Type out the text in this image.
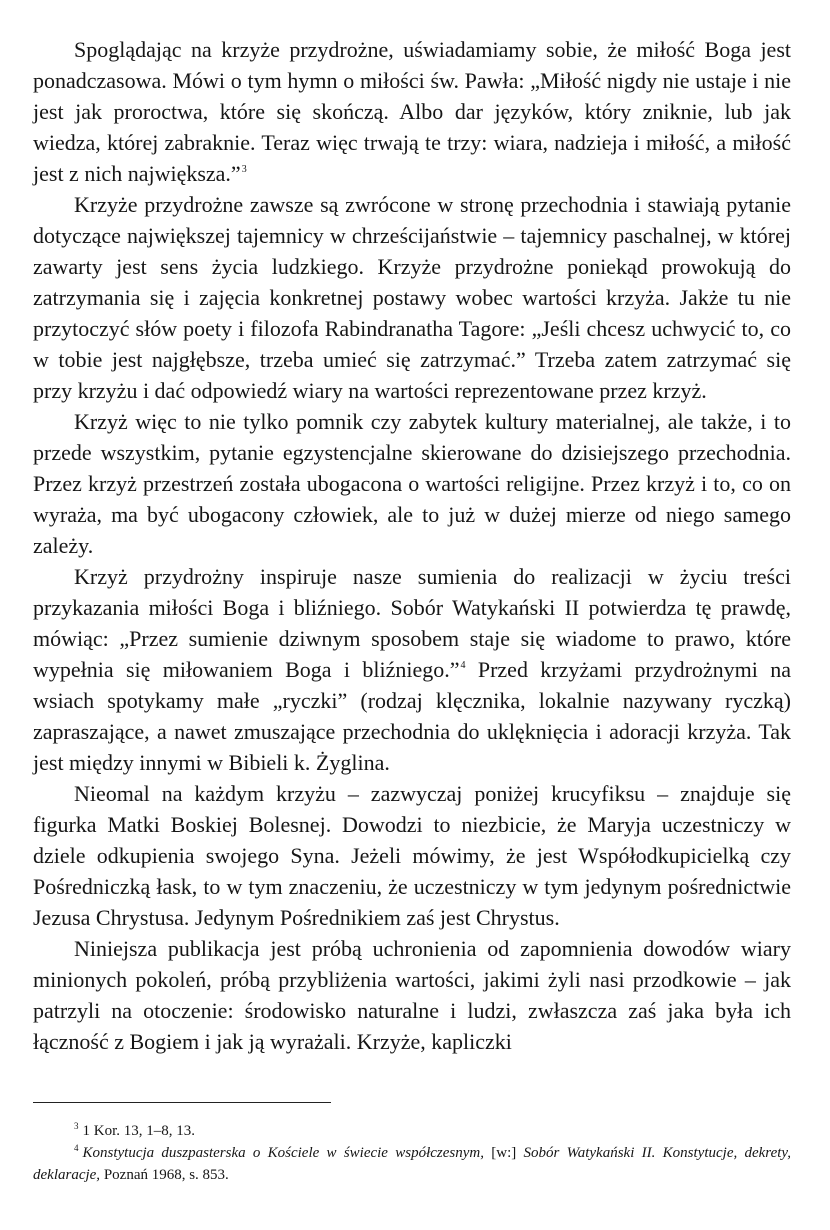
Spoglądając na krzyże przydrożne, uświadamiamy sobie, że miłość Boga jest ponadczasowa. Mówi o tym hymn o miłości św. Pawła: „Miłość nigdy nie ustaje i nie jest jak proroctwa, które się skończą. Albo dar języków, który zniknie, lub jak wiedza, której zabraknie. Teraz więc trwają te trzy: wiara, nadzieja i miłość, a miłość jest z nich największa.”$^3$

Krzyże przydrożne zawsze są zwrócone w stronę przechodnia i stawiają pytanie dotyczące największej tajemnicy w chrześcijaństwie – tajemnicy paschalnej, w której zawarty jest sens życia ludzkiego. Krzyże przydrożne poniekąd prowokują do zatrzymania się i zajęcia konkretnej postawy wobec wartości krzyża. Jakże tu nie przytoczyć słów poety i filozofa Rabindranatha Tagore: „Jeśli chcesz uchwycić to, co w tobie jest najgłębsze, trzeba umieć się zatrzymać.” Trzeba zatem zatrzymać się przy krzyżu i dać odpowiedź wiary na wartości reprezentowane przez krzyż.

Krzyż więc to nie tylko pomnik czy zabytek kultury materialnej, ale także, i to przede wszystkim, pytanie egzystencjalne skierowane do dzisiejszego przechodnia. Przez krzyż przestrzeń została ubogacona o wartości religijne. Przez krzyż i to, co on wyraża, ma być ubogacony człowiek, ale to już w dużej mierze od niego samego zależy.

Krzyż przydrożny inspiruje nasze sumienia do realizacji w życiu treści przykazania miłości Boga i bliźniego. Sobór Watykański II potwierdza tę prawdę, mówiąc: „Przez sumienie dziwnym sposobem staje się wiadome to prawo, które wypełnia się miłowaniem Boga i bliźniego.”$^4$ Przed krzyżami przydrożnymi na wsiach spotykamy małe „ryczki” (rodzaj klęcznika, lokalnie nazywany ryczką) zapraszające, a nawet zmuszające przechodnia do uklęknięcia i adoracji krzyża. Tak jest między innymi w Bibieli k. Żyglina.

Nieomal na każdym krzyżu – zazwyczaj poniżej krucyfiksu – znajduje się figurka Matki Boskiej Bolesnej. Dowodzi to niezbicie, że Maryja uczestniczy w dziele odkupienia swojego Syna. Jeżeli mówimy, że jest Współodkupicielką czy Pośredniczką łask, to w tym znaczeniu, że uczestniczy w tym jedynym pośrednictwie Jezusa Chrystusa. Jedynym Pośrednikiem zaś jest Chrystus.

Niniejsza publikacja jest próbą uchronienia od zapomnienia dowodów wiary minionych pokoleń, próbą przybliżenia wartości, jakimi żyli nasi przodkowie – jak patrzyli na otoczenie: środowisko naturalne i ludzi, zwłaszcza zaś jaka była ich łączność z Bogiem i jak ją wyrażali. Krzyże, kapliczki

$^3$ 1 Kor. 13, 1–8, 13.

$^4$ Konstytucja duszpasterska o Kościele w świecie współczesnym, [w:] Sobór Watykański II. Konstytucje, dekrety, deklaracje, Poznań 1968, s. 853.
